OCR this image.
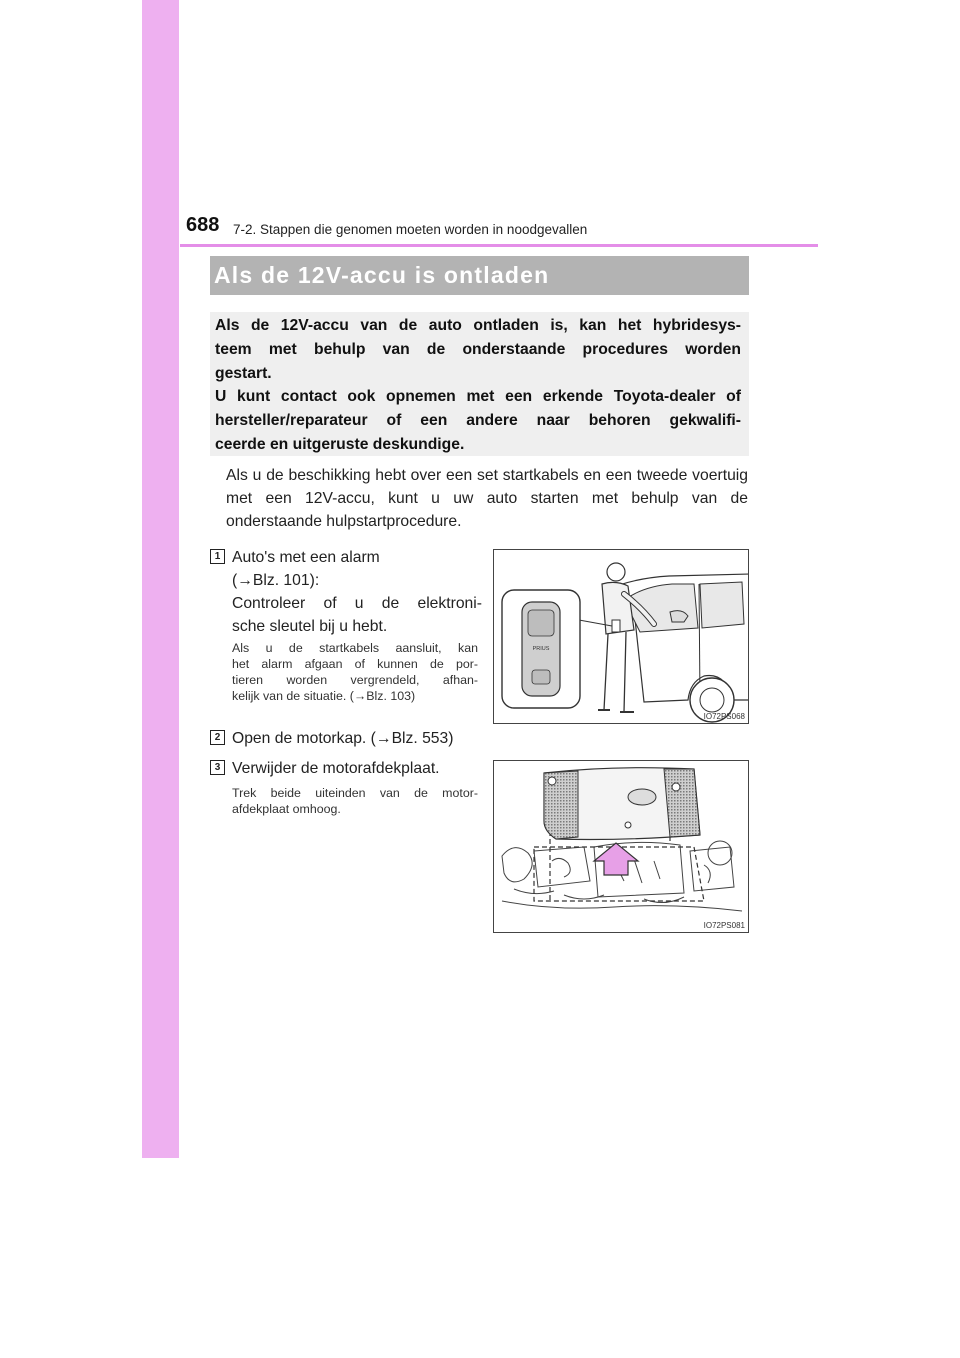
688 7-2. Stappen die genomen moeten worden in noodgevallen
Als de 12V-accu is ontladen
Als de 12V-accu van de auto ontladen is, kan het hybridesys-
teem met behulp van de onderstaande procedures worden
gestart.
U kunt contact ook opnemen met een erkende Toyota-dealer of
hersteller/reparateur of een andere naar behoren gekwalifi-
ceerde en uitgeruste deskundige.
Als u de beschikking hebt over een set startkabels en een tweede voertuig met een 12V-accu, kunt u uw auto starten met behulp van de onderstaande hulpstartprocedure.
1 Auto's met een alarm
(→Blz. 101):
Controleer of u de elektroni-
sche sleutel bij u hebt.
Als u de startkabels aansluit, kan
het alarm afgaan of kunnen de por-
tieren worden vergrendeld, afhan-
kelijk van de situatie. (→Blz. 103)
PRIUS
IO72PS068
2 Open de motorkap. (→Blz. 553)
3 Verwijder de motorafdekplaat.
Trek beide uiteinden van de motor-
afdekplaat omhoog.
IO72PS081
